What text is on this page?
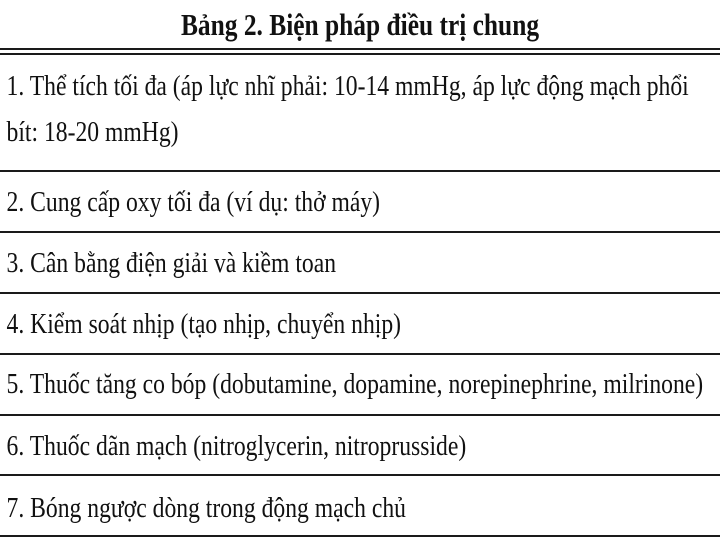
Bảng 2. Biện pháp điều trị chung
1. Thể tích tối đa (áp lực nhĩ phải: 10-14 mmHg, áp lực động mạch phổi bít: 18-20 mmHg)
2. Cung cấp oxy tối đa (ví dụ: thở máy)
3. Cân bằng điện giải và kiềm toan
4. Kiểm soát nhịp (tạo nhịp, chuyển nhịp)
5. Thuốc tăng co bóp (dobutamine, dopamine, norepinephrine, milrinone)
6. Thuốc dãn mạch (nitroglycerin, nitroprusside)
7. Bóng ngược dòng trong động mạch chủ
